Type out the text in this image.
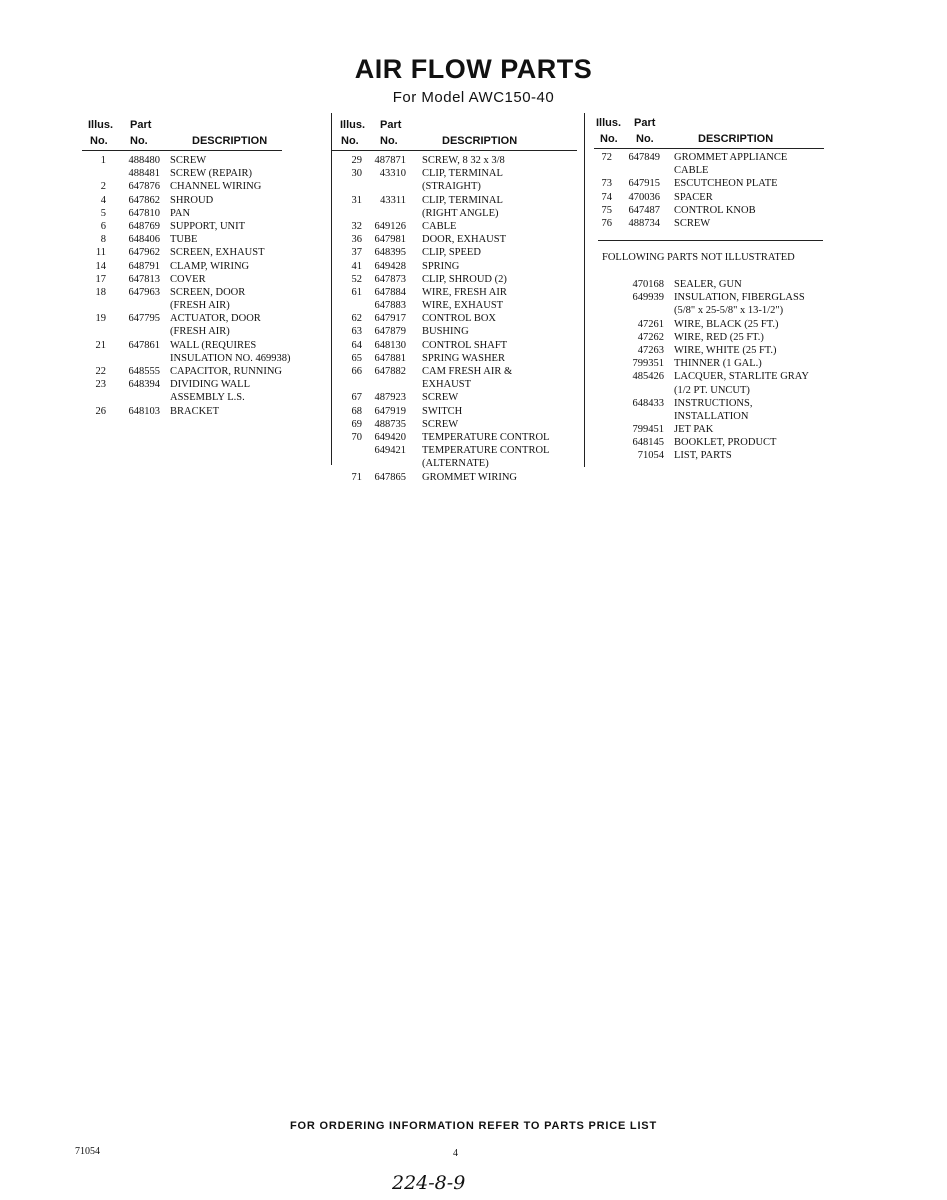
AIR FLOW PARTS
For Model AWC150-40
Illus. Part
No. No.	DESCRIPTION
1	488480 SCREW
488481 SCREW (REPAIR)
2	647876 CHANNEL WIRING
4	647862 SHROUD
5	647810 PAN
6	648769 SUPPORT, UNIT
8	648406 TUBE
11	647962 SCREEN, EXHAUST
14	648791 CLAMP, WIRING
17	647813 COVER
18	647963 SCREEN, DOOR
(FRESH AIR)
19	647795 ACTUATOR, DOOR
(FRESH AIR)
21	647861 WALL (REQUIRES
INSULATION NO. 469938)
22	648555 CAPACITOR, RUNNING
23	648394 DIVIDING WALL
ASSEMBLY L.S.
26	648103 BRACKET
Illus. Part
No. No.	DESCRIPTION
29	487871 SCREW, 8 32 x 3/8
30	43310 CLIP, TERMINAL
(STRAIGHT)
31	43311 CLIP, TERMINAL
(RIGHT ANGLE)
32	649126 CABLE
36	647981 DOOR, EXHAUST
37	648395 CLIP, SPEED
41	649428 SPRING
52	647873 CLIP, SHROUD (2)
61	647884 WIRE, FRESH AIR
647883 WIRE, EXHAUST
62	647917 CONTROL BOX
63	647879 BUSHING
64	648130 CONTROL SHAFT
65	647881 SPRING WASHER
66	647882 CAM FRESH AIR &
EXHAUST
67	487923 SCREW
68	647919 SWITCH
69	488735 SCREW
70	649420 TEMPERATURE CONTROL
649421 TEMPERATURE CONTROL
(ALTERNATE)
71	647865 GROMMET WIRING
Illus. Part
No. No.	DESCRIPTION
72	647849 GROMMET APPLIANCE
CABLE
73	647915 ESCUTCHEON PLATE
74	470036 SPACER
75	647487 CONTROL KNOB
76	488734 SCREW
FOLLOWING PARTS NOT ILLUSTRATED
470168 SEALER, GUN
649939 INSULATION, FIBERGLASS
(5/8" x 25-5/8" x 13-1/2")
47261 WIRE, BLACK (25 FT.)
47262 WIRE, RED (25 FT.)
47263 WIRE, WHITE (25 FT.)
799351 THINNER (1 GAL.)
485426 LACQUER, STARLITE GRAY
(1/2 PT. UNCUT)
648433 INSTRUCTIONS,
INSTALLATION
799451 JET PAK
648145 BOOKLET, PRODUCT
71054 LIST, PARTS
FOR ORDERING INFORMATION REFER TO PARTS PRICE LIST
71054	4
224-8-9
